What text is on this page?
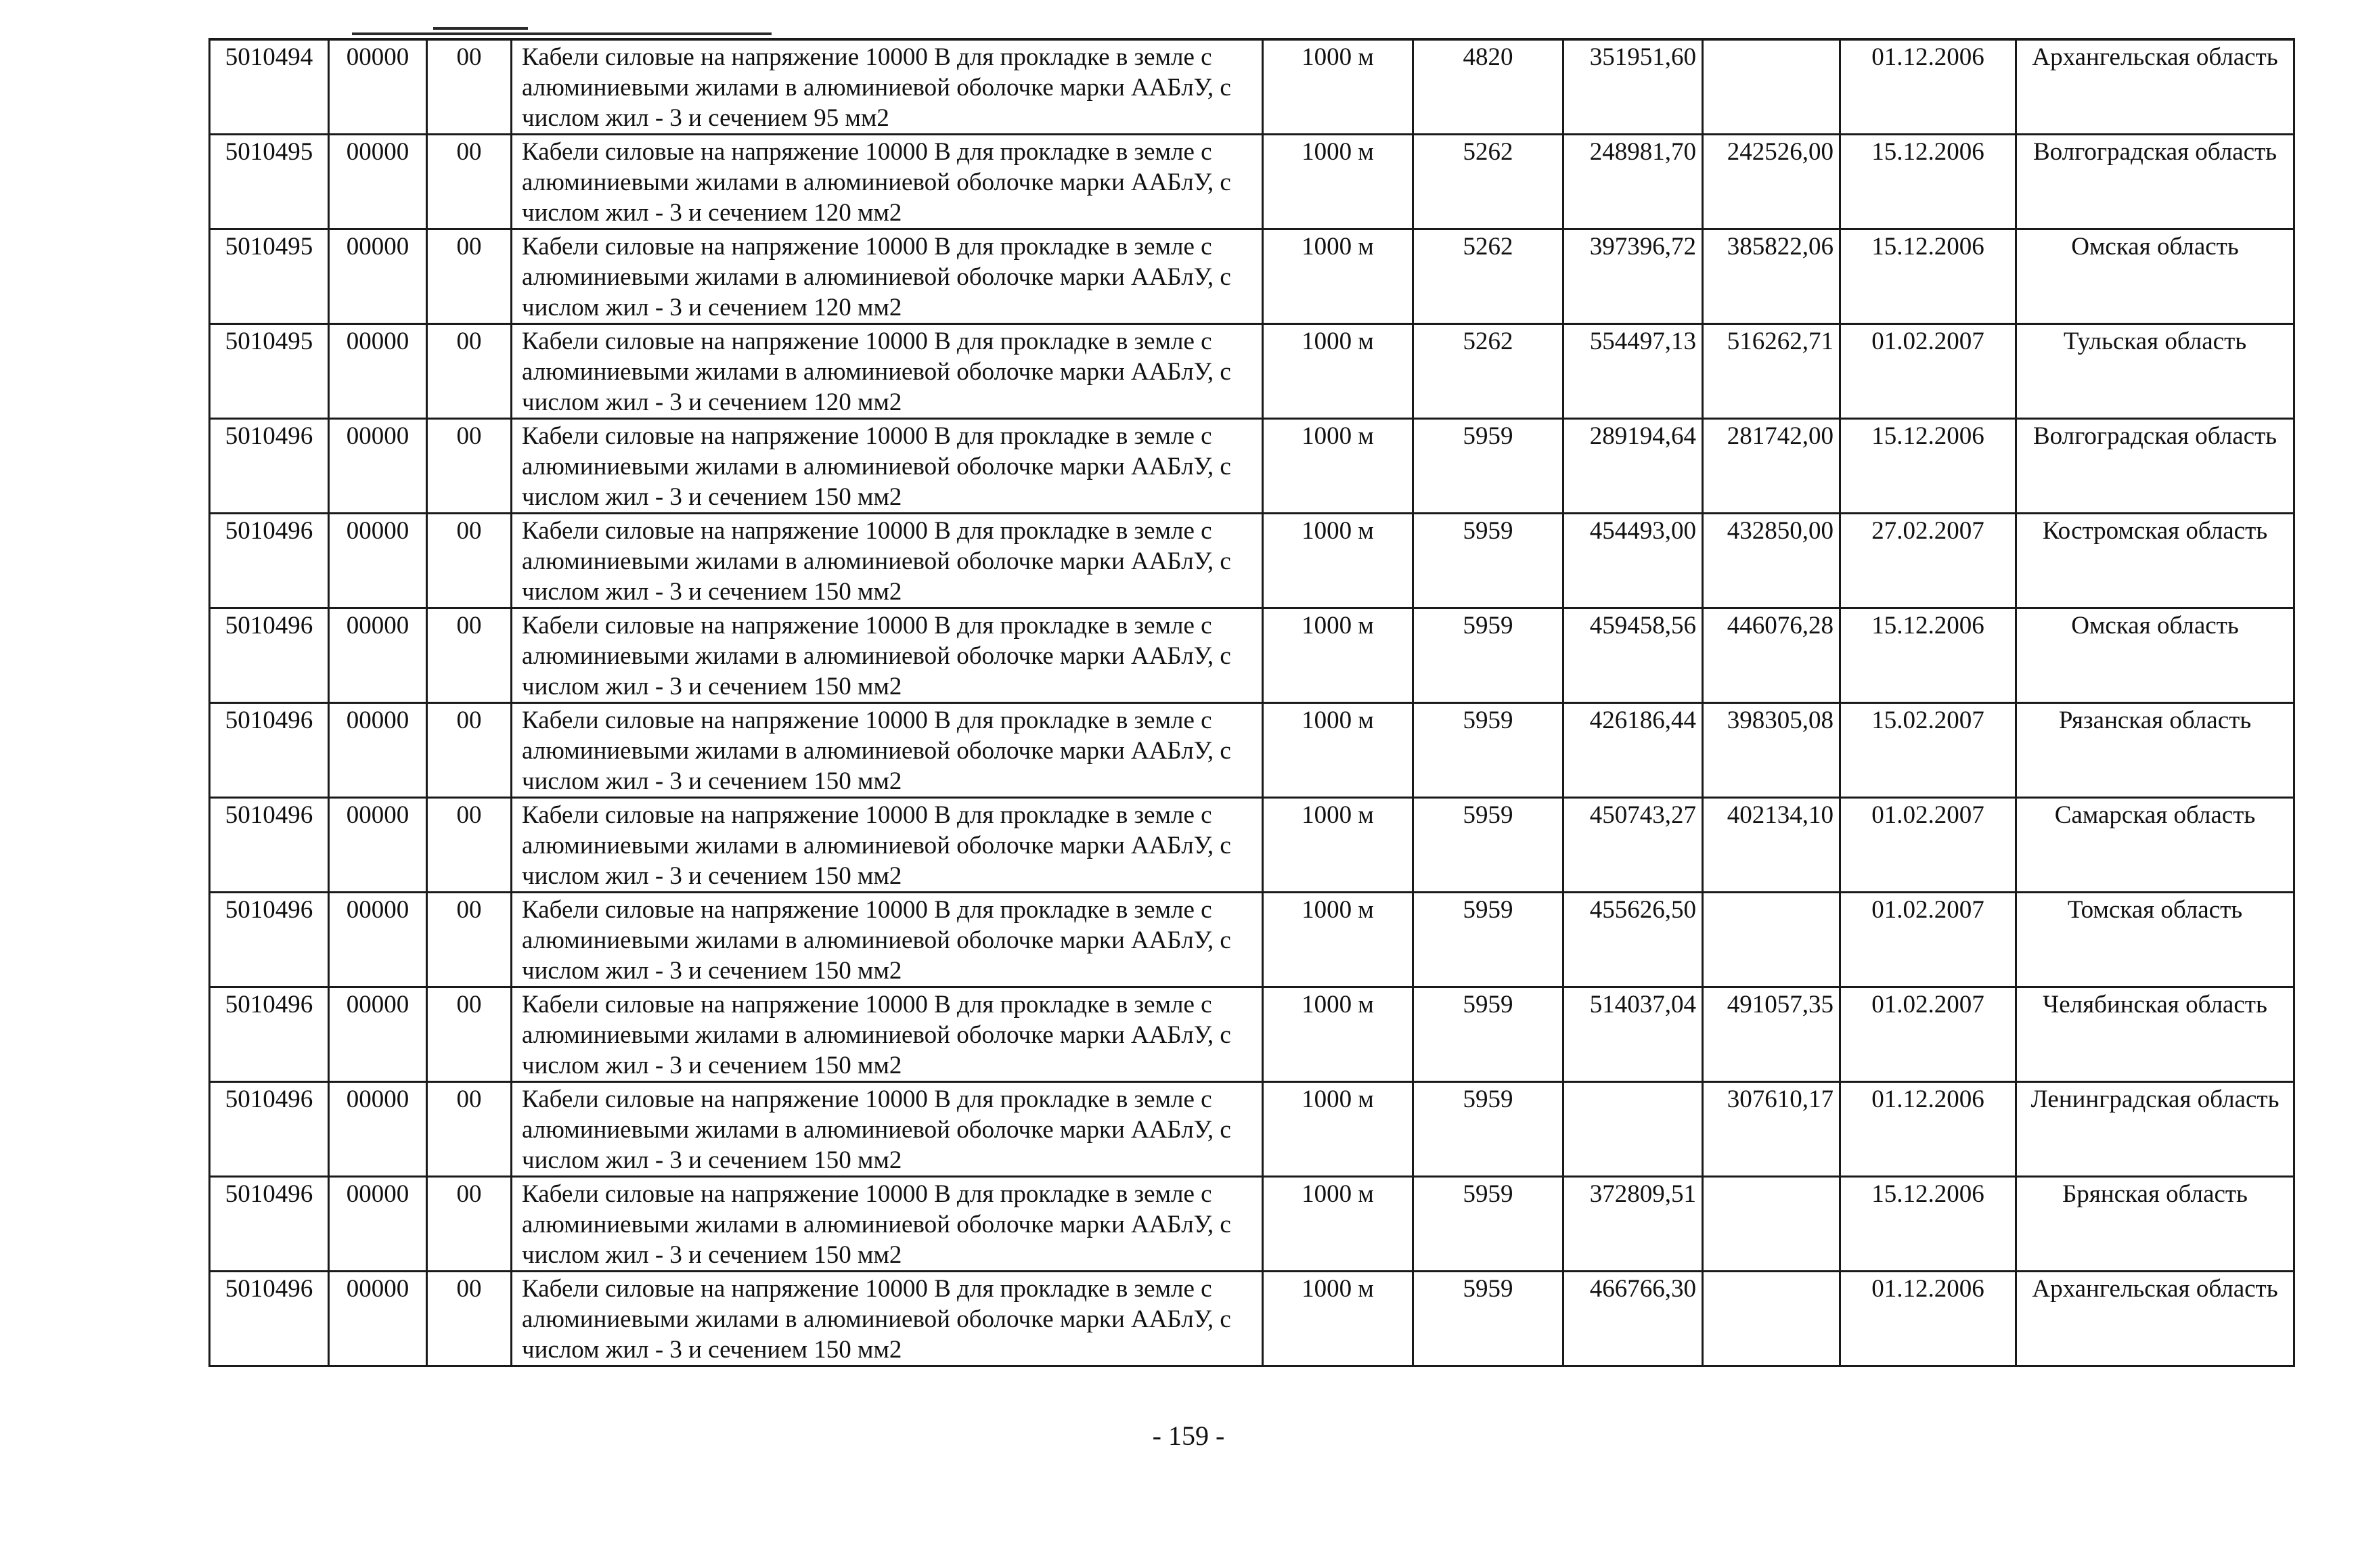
5010494	00000	00	Кабели силовые на напряжение 10000 В для прокладке в земле с алюминиевыми жилами в алюминиевой оболочке марки ААБлУ, с числом жил - 3 и сечением 95 мм2	1000 м	4820	351951,60		01.12.2006	Архангельская область
5010495	00000	00	Кабели силовые на напряжение 10000 В для прокладке в земле с алюминиевыми жилами в алюминиевой оболочке марки ААБлУ, с числом жил - 3 и сечением 120 мм2	1000 м	5262	248981,70	242526,00	15.12.2006	Волгоградская область
5010495	00000	00	Кабели силовые на напряжение 10000 В для прокладке в земле с алюминиевыми жилами в алюминиевой оболочке марки ААБлУ, с числом жил - 3 и сечением 120 мм2	1000 м	5262	397396,72	385822,06	15.12.2006	Омская область
5010495	00000	00	Кабели силовые на напряжение 10000 В для прокладке в земле с алюминиевыми жилами в алюминиевой оболочке марки ААБлУ, с числом жил - 3 и сечением 120 мм2	1000 м	5262	554497,13	516262,71	01.02.2007	Тульская область
5010496	00000	00	Кабели силовые на напряжение 10000 В для прокладке в земле с алюминиевыми жилами в алюминиевой оболочке марки ААБлУ, с числом жил - 3 и сечением 150 мм2	1000 м	5959	289194,64	281742,00	15.12.2006	Волгоградская область
5010496	00000	00	Кабели силовые на напряжение 10000 В для прокладке в земле с алюминиевыми жилами в алюминиевой оболочке марки ААБлУ, с числом жил - 3 и сечением 150 мм2	1000 м	5959	454493,00	432850,00	27.02.2007	Костромская область
5010496	00000	00	Кабели силовые на напряжение 10000 В для прокладке в земле с алюминиевыми жилами в алюминиевой оболочке марки ААБлУ, с числом жил - 3 и сечением 150 мм2	1000 м	5959	459458,56	446076,28	15.12.2006	Омская область
5010496	00000	00	Кабели силовые на напряжение 10000 В для прокладке в земле с алюминиевыми жилами в алюминиевой оболочке марки ААБлУ, с числом жил - 3 и сечением 150 мм2	1000 м	5959	426186,44	398305,08	15.02.2007	Рязанская область
5010496	00000	00	Кабели силовые на напряжение 10000 В для прокладке в земле с алюминиевыми жилами в алюминиевой оболочке марки ААБлУ, с числом жил - 3 и сечением 150 мм2	1000 м	5959	450743,27	402134,10	01.02.2007	Самарская область
5010496	00000	00	Кабели силовые на напряжение 10000 В для прокладке в земле с алюминиевыми жилами в алюминиевой оболочке марки ААБлУ, с числом жил - 3 и сечением 150 мм2	1000 м	5959	455626,50		01.02.2007	Томская область
5010496	00000	00	Кабели силовые на напряжение 10000 В для прокладке в земле с алюминиевыми жилами в алюминиевой оболочке марки ААБлУ, с числом жил - 3 и сечением 150 мм2	1000 м	5959	514037,04	491057,35	01.02.2007	Челябинская область
5010496	00000	00	Кабели силовые на напряжение 10000 В для прокладке в земле с алюминиевыми жилами в алюминиевой оболочке марки ААБлУ, с числом жил - 3 и сечением 150 мм2	1000 м	5959		307610,17	01.12.2006	Ленинградская область
5010496	00000	00	Кабели силовые на напряжение 10000 В для прокладке в земле с алюминиевыми жилами в алюминиевой оболочке марки ААБлУ, с числом жил - 3 и сечением 150 мм2	1000 м	5959	372809,51		15.12.2006	Брянская область
5010496	00000	00	Кабели силовые на напряжение 10000 В для прокладке в земле с алюминиевыми жилами в алюминиевой оболочке марки ААБлУ, с числом жил - 3 и сечением 150 мм2	1000 м	5959	466766,30		01.12.2006	Архангельская область
- 159 -
